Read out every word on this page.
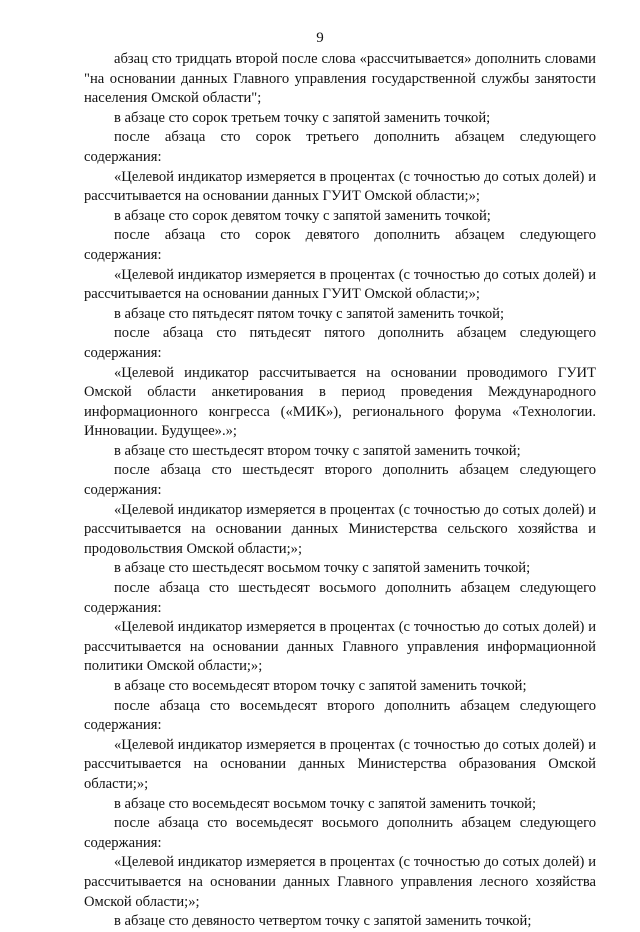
9

абзац сто тридцать второй после слова «рассчитывается» дополнить словами "на основании данных Главного управления государственной службы занятости населения Омской области";

в абзаце сто сорок третьем точку с запятой заменить точкой;

после абзаца сто сорок третьего дополнить абзацем следующего содержания:

«Целевой индикатор измеряется в процентах (с точностью до сотых долей) и рассчитывается на основании данных ГУИТ Омской области;»;

в абзаце сто сорок девятом точку с запятой заменить точкой;

после абзаца сто сорок девятого дополнить абзацем следующего содержания:

«Целевой индикатор измеряется в процентах (с точностью до сотых долей) и рассчитывается на основании данных ГУИТ Омской области;»;

в абзаце сто пятьдесят пятом точку с запятой заменить точкой;

после абзаца сто пятьдесят пятого дополнить абзацем следующего содержания:

«Целевой индикатор рассчитывается на основании проводимого ГУИТ Омской области анкетирования в период проведения Международного информационного конгресса («МИК»), регионального форума «Технологии. Инновации. Будущее».»;

в абзаце сто шестьдесят втором точку с запятой заменить точкой;

после абзаца сто шестьдесят второго дополнить абзацем следующего содержания:

«Целевой индикатор измеряется в процентах (с точностью до сотых долей) и рассчитывается на основании данных Министерства сельского хозяйства и продовольствия Омской области;»;

в абзаце сто шестьдесят восьмом точку с запятой заменить точкой;

после абзаца сто шестьдесят восьмого дополнить абзацем следующего содержания:

«Целевой индикатор измеряется в процентах (с точностью до сотых долей) и рассчитывается на основании данных Главного управления информационной политики Омской области;»;

в абзаце сто восемьдесят втором точку с запятой заменить точкой;

после абзаца сто восемьдесят второго дополнить абзацем следующего содержания:

«Целевой индикатор измеряется в процентах (с точностью до сотых долей) и рассчитывается на основании данных Министерства образования Омской области;»;

в абзаце сто восемьдесят восьмом точку с запятой заменить точкой;

после абзаца сто восемьдесят восьмого дополнить абзацем следующего содержания:

«Целевой индикатор измеряется в процентах (с точностью до сотых долей) и рассчитывается на основании данных Главного управления лесного хозяйства Омской области;»;

в абзаце сто девяносто четвертом точку с запятой заменить точкой;
